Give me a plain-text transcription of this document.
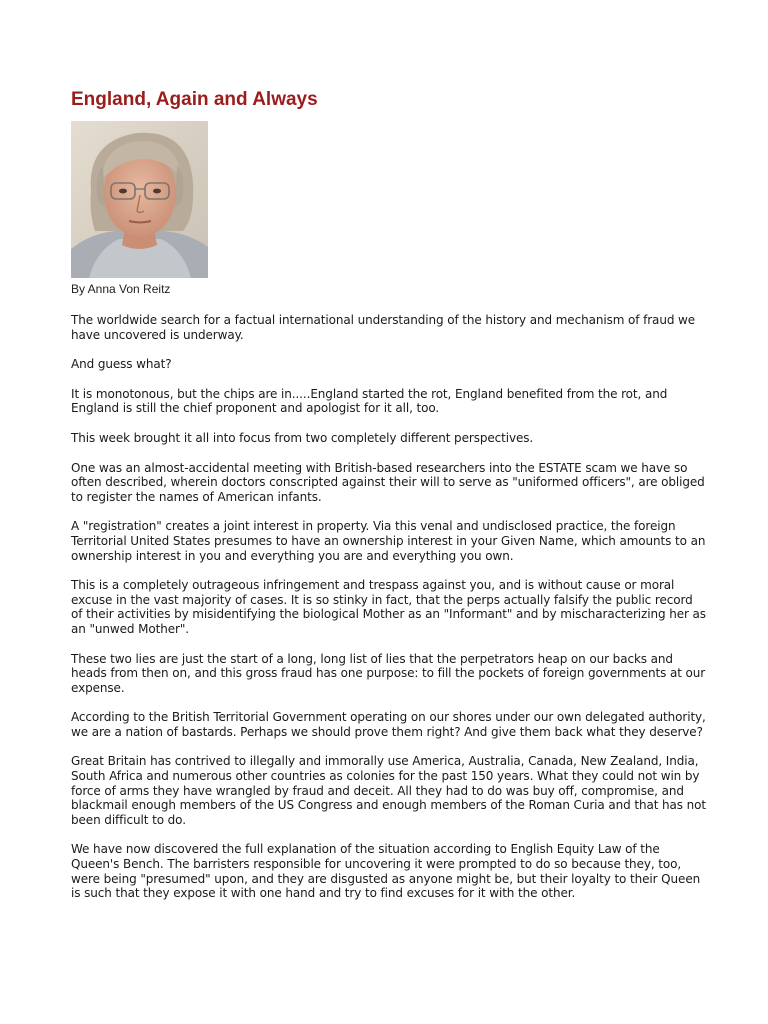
England, Again and Always

By Anna Von Reitz

The worldwide search for a factual international understanding of the history and mechanism of fraud we have uncovered is underway.

And guess what?

It is monotonous, but the chips are in.....England started the rot, England benefited from the rot, and England is still the chief proponent and apologist for it all, too.

This week brought it all into focus from two completely different perspectives.

One was an almost-accidental meeting with British-based researchers into the ESTATE scam we have so often described, wherein doctors conscripted against their will to serve as "uniformed officers", are obliged to register the names of American infants.

A "registration" creates a joint interest in property. Via this venal and undisclosed practice, the foreign Territorial United States presumes to have an ownership interest in your Given Name, which amounts to an ownership interest in you and everything you are and everything you own.

This is a completely outrageous infringement and trespass against you, and is without cause or moral excuse in the vast majority of cases. It is so stinky in fact, that the perps actually falsify the public record of their activities by misidentifying the biological Mother as an "Informant" and by mischaracterizing her as an "unwed Mother".

These two lies are just the start of a long, long list of lies that the perpetrators heap on our backs and heads from then on, and this gross fraud has one purpose: to fill the pockets of foreign governments at our expense.

According to the British Territorial Government operating on our shores under our own delegated authority, we are a nation of bastards. Perhaps we should prove them right? And give them back what they deserve?

Great Britain has contrived to illegally and immorally use America, Australia, Canada, New Zealand, India, South Africa and numerous other countries as colonies for the past 150 years. What they could not win by force of arms they have wrangled by fraud and deceit. All they had to do was buy off, compromise, and blackmail enough members of the US Congress and enough members of the Roman Curia and that has not been difficult to do.

We have now discovered the full explanation of the situation according to English Equity Law of the Queen's Bench. The barristers responsible for uncovering it were prompted to do so because they, too, were being "presumed" upon, and they are disgusted as anyone might be, but their loyalty to their Queen is such that they expose it with one hand and try to find excuses for it with the other.
